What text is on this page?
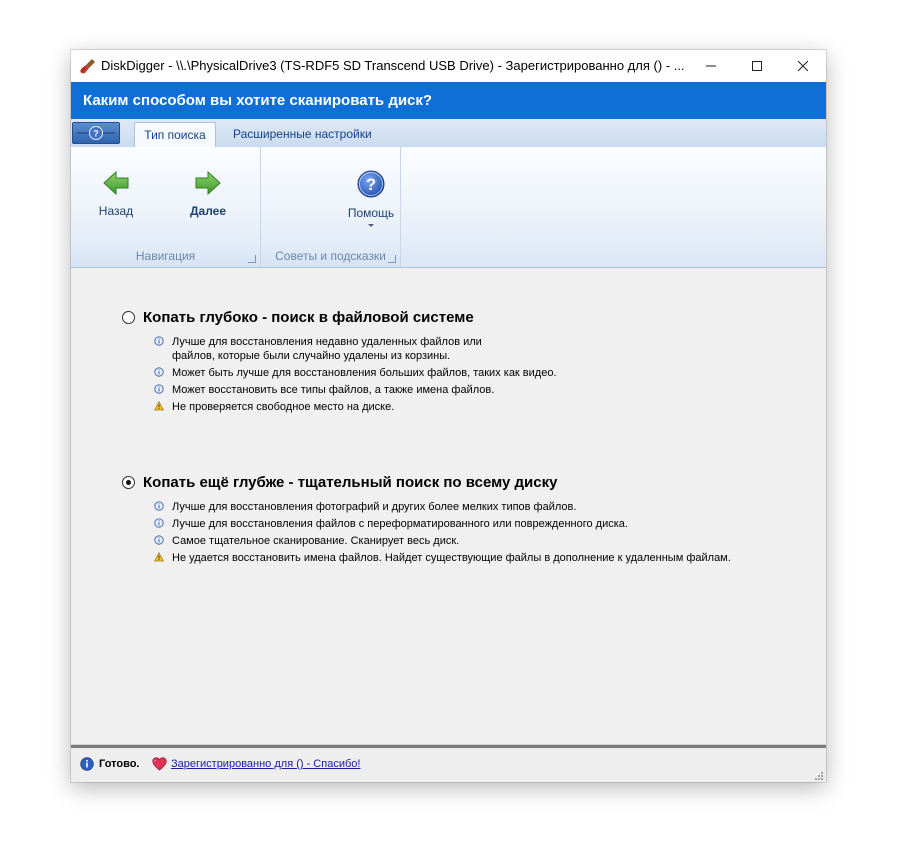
DiskDigger - \\.\PhysicalDrive3 (TS-RDF5 SD Transcend USB Drive) - Зарегистрированно для () - ...
Каким способом вы хотите сканировать диск?
?	Тип поиска	Расширенные настройки
Назад	Далее
Навигация
?
Помощь
Советы и подсказки
Копать глубоко - поиск в файловой системе
Лучше для восстановления недавно удаленных файлов или
файлов, которые были случайно удалены из корзины.
Может быть лучше для восстановления больших файлов, таких как видео.
Может восстановить все типы файлов, а также имена файлов.
Не проверяется свободное место на диске.
Копать ещё глубже - тщательный поиск по всему диску
Лучше для восстановления фотографий и других более мелких типов файлов.
Лучше для восстановления файлов с переформатированного или поврежденного диска.
Самое тщательное сканирование. Сканирует весь диск.
Не удается восстановить имена файлов. Найдет существующие файлы в дополнение к удаленным файлам.
Готово.	Зарегистрированно для () - Спасибо!
